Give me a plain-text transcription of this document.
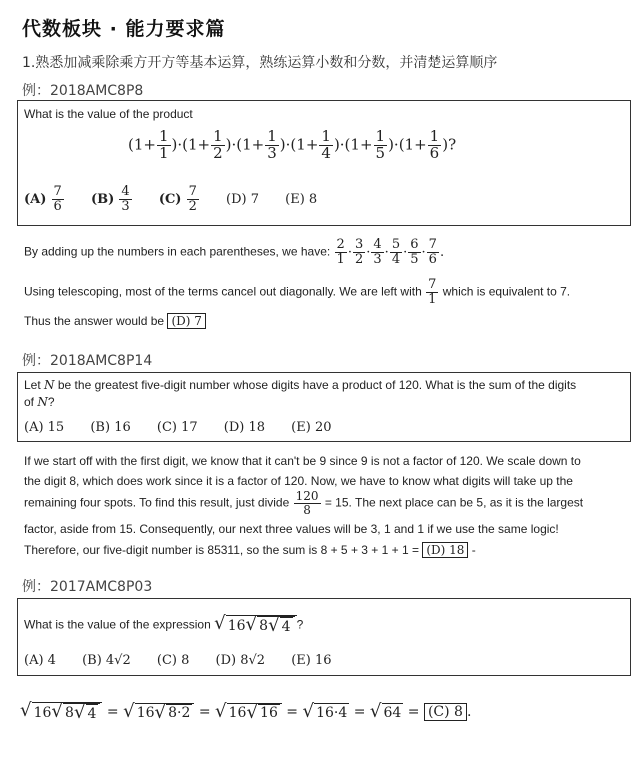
代数板块 · 能力要求篇
1.熟悉加减乘除乘方开方等基本运算，熟练运算小数和分数，并清楚运算顺序
例：2018AMC8P8
What is the value of the product
$(1+ \frac{1}{1} )\cdot(1+ \frac{1}{2} )\cdot(1+ \frac{1}{3} )\cdot(1+ \frac{1}{4} )\cdot(1+ \frac{1}{5} )\cdot(1+ \frac{1}{6}$ )?
$(A) \frac{7}{6} (B) \frac{4}{3} (C) \frac{7}{2} (D)$ 7 (E) 8
By adding up the numbers in each parentheses, we have: $\frac{2}{1} \cdot \frac{3}{2} \cdot \frac{4}{3} \cdot \frac{5}{4} \cdot \frac{6}{5} \cdot \frac{7}{6}$ .
Using telescoping, most of the terms cancel out diagonally. We are left with $\frac{7}{1}$ which is equivalent to 7.
Thus the answer would be (D) 7
例：2018AMC8P14
Let N be the greatest five-digit number whose digits have a product of 120. What is the sum of the digits
of N?
(A) 15 (B) 16 (C) 17 (D) 18 (E) 20
If we start off with the first digit, we know that it can't be 9 since 9 is not a factor of 120. We scale down to
the digit 8, which does work since it is a factor of 120. Now, we have to know what digits will take up the
remaining four spots. To find this result, just divide $\frac{120}{8} = 15$. The next place can be 5, as it is the largest
factor, aside from 15. Consequently, our next three values will be 3, 1 and 1 if we use the same logic!
Therefore, our five-digit number is 85311, so the sum is 8 + 5 + 3 + 1 + 1 = (D) 18 -
例：2017AMC8P03
What is the value of the expression √ 16 √ 8 √ 4 ?
(A) 4 (B) 4√2 (C) 8 (D) 8√2 (E) 16
√ 16 √ 8 √ 4 = √ 16 √ 8·2 = √ 16 √ 16 = √ 16·4 = √ 64 = (C) 8 .
